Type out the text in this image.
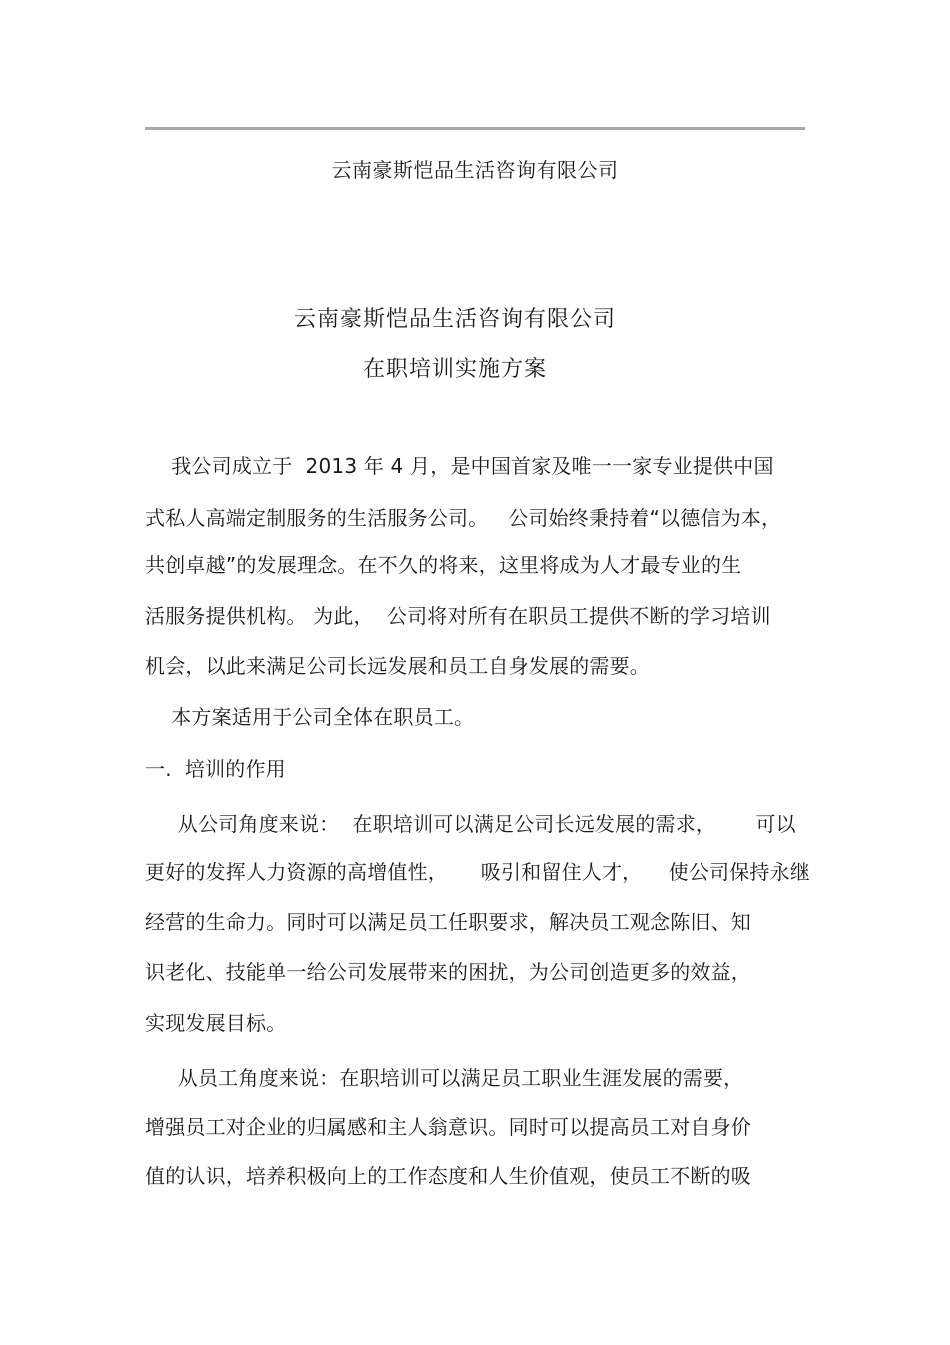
云南豪斯恺品生活咨询有限公司
云南豪斯恺品生活咨询有限公司
在职培训实施方案
我公司成立于  2013 年 4 月，是中国首家及唯一一家专业提供中国
式私人高端定制服务的生活服务公司。   公司始终秉持着“以德信为本，
共创卓越”的发展理念。在不久的将来，这里将成为人才最专业的生
活服务提供机构。 为此，  公司将对所有在职员工提供不断的学习培训
机会，以此来满足公司长远发展和员工自身发展的需要。
本方案适用于公司全体在职员工。
一.  培训的作用
从公司角度来说：  在职培训可以满足公司长远发展的需求，      可以
更好的发挥人力资源的高增值性，     吸引和留住人才，    使公司保持永继
经营的生命力。同时可以满足员工任职要求，解决员工观念陈旧、知
识老化、技能单一给公司发展带来的困扰，为公司创造更多的效益，
实现发展目标。
从员工角度来说：在职培训可以满足员工职业生涯发展的需要，
增强员工对企业的归属感和主人翁意识。同时可以提高员工对自身价
值的认识，培养积极向上的工作态度和人生价值观，使员工不断的吸
